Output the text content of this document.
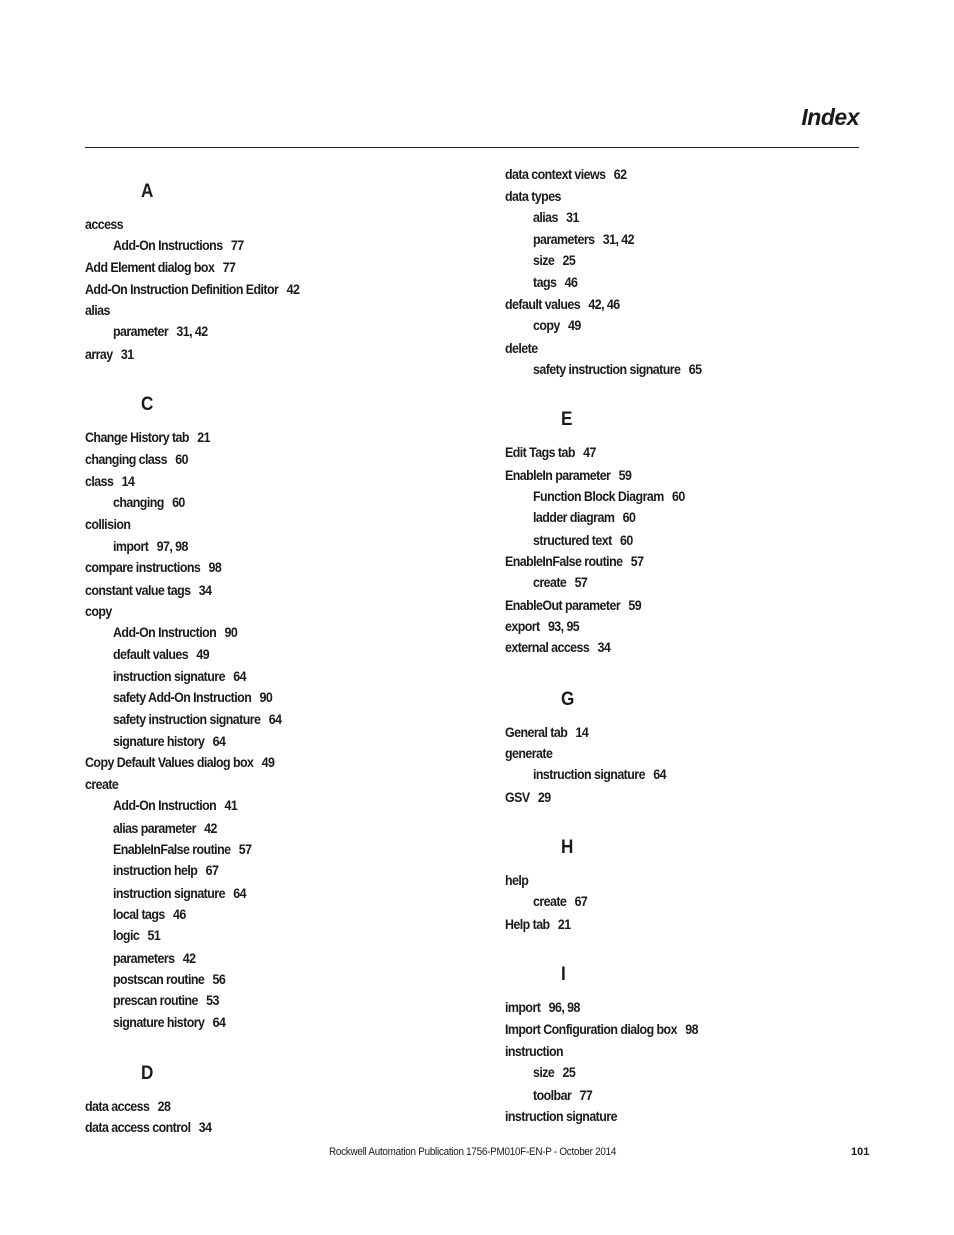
Index
A
access
Add-On Instructions 77
Add Element dialog box 77
Add-On Instruction Definition Editor 42
alias
parameter 31, 42
array 31
C
Change History tab 21
changing class 60
class 14
changing 60
collision
import 97, 98
compare instructions 98
constant value tags 34
copy
Add-On Instruction 90
default values 49
instruction signature 64
safety Add-On Instruction 90
safety instruction signature 64
signature history 64
Copy Default Values dialog box 49
create
Add-On Instruction 41
alias parameter 42
EnableInFalse routine 57
instruction help 67
instruction signature 64
local tags 46
logic 51
parameters 42
postscan routine 56
prescan routine 53
signature history 64
D
data access 28
data access control 34
data context views 62
data types
alias 31
parameters 31, 42
size 25
tags 46
default values 42, 46
copy 49
delete
safety instruction signature 65
E
Edit Tags tab 47
EnableIn parameter 59
Function Block Diagram 60
ladder diagram 60
structured text 60
EnableInFalse routine 57
create 57
EnableOut parameter 59
export 93, 95
external access 34
G
General tab 14
generate
instruction signature 64
GSV 29
H
help
create 67
Help tab 21
I
import 96, 98
Import Configuration dialog box 98
instruction
size 25
toolbar 77
instruction signature
Rockwell Automation Publication 1756-PM010F-EN-P - October 2014	101
